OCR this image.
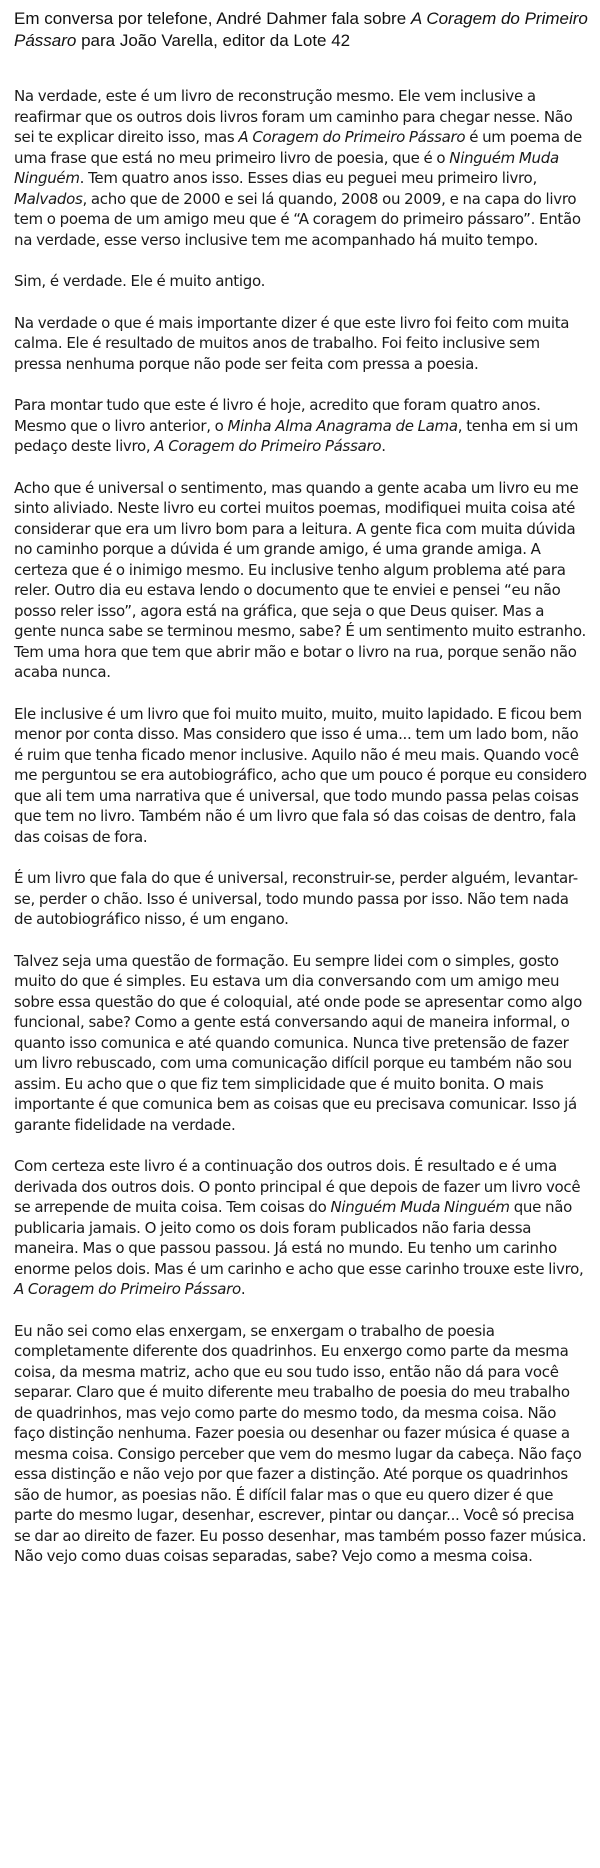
Em conversa por telefone, André Dahmer fala sobre A Coragem do Primeiro Pássaro para João Varella, editor da Lote 42

Na verdade, este é um livro de reconstrução mesmo. Ele vem inclusive a reafirmar que os outros dois livros foram um caminho para chegar nesse. Não sei te explicar direito isso, mas A Coragem do Primeiro Pássaro é um poema de uma frase que está no meu primeiro livro de poesia, que é o Ninguém Muda Ninguém. Tem quatro anos isso. Esses dias eu peguei meu primeiro livro, Malvados, acho que de 2000 e sei lá quando, 2008 ou 2009, e na capa do livro tem o poema de um amigo meu que é “A coragem do primeiro pássaro”. Então na verdade, esse verso inclusive tem me acompanhado há muito tempo.

Sim, é verdade. Ele é muito antigo.

Na verdade o que é mais importante dizer é que este livro foi feito com muita calma. Ele é resultado de muitos anos de trabalho. Foi feito inclusive sem pressa nenhuma porque não pode ser feita com pressa a poesia.

Para montar tudo que este é livro é hoje, acredito que foram quatro anos. Mesmo que o livro anterior, o Minha Alma Anagrama de Lama, tenha em si um pedaço deste livro, A Coragem do Primeiro Pássaro.

Acho que é universal o sentimento, mas quando a gente acaba um livro eu me sinto aliviado. Neste livro eu cortei muitos poemas, modifiquei muita coisa até considerar que era um livro bom para a leitura. A gente fica com muita dúvida no caminho porque a dúvida é um grande amigo, é uma grande amiga. A certeza que é o inimigo mesmo. Eu inclusive tenho algum problema até para reler. Outro dia eu estava lendo o documento que te enviei e pensei “eu não posso reler isso”, agora está na gráfica, que seja o que Deus quiser. Mas a gente nunca sabe se terminou mesmo, sabe? É um sentimento muito estranho. Tem uma hora que tem que abrir mão e botar o livro na rua, porque senão não acaba nunca.

Ele inclusive é um livro que foi muito muito, muito, muito lapidado. E ficou bem menor por conta disso. Mas considero que isso é uma... tem um lado bom, não é ruim que tenha ficado menor inclusive. Aquilo não é meu mais. Quando você me perguntou se era autobiográfico, acho que um pouco é porque eu considero que ali tem uma narrativa que é universal, que todo mundo passa pelas coisas que tem no livro. Também não é um livro que fala só das coisas de dentro, fala das coisas de fora.

É um livro que fala do que é universal, reconstruir-se, perder alguém, levantar-se, perder o chão. Isso é universal, todo mundo passa por isso. Não tem nada de autobiográfico nisso, é um engano.

Talvez seja uma questão de formação. Eu sempre lidei com o simples, gosto muito do que é simples. Eu estava um dia conversando com um amigo meu sobre essa questão do que é coloquial, até onde pode se apresentar como algo funcional, sabe? Como a gente está conversando aqui de maneira informal, o quanto isso comunica e até quando comunica. Nunca tive pretensão de fazer um livro rebuscado, com uma comunicação difícil porque eu também não sou assim. Eu acho que o que fiz tem simplicidade que é muito bonita. O mais importante é que comunica bem as coisas que eu precisava comunicar. Isso já garante fidelidade na verdade.

Com certeza este livro é a continuação dos outros dois. É resultado e é uma derivada dos outros dois. O ponto principal é que depois de fazer um livro você se arrepende de muita coisa. Tem coisas do Ninguém Muda Ninguém que não publicaria jamais. O jeito como os dois foram publicados não faria dessa maneira. Mas o que passou passou. Já está no mundo. Eu tenho um carinho enorme pelos dois. Mas é um carinho e acho que esse carinho trouxe este livro, A Coragem do Primeiro Pássaro.

Eu não sei como elas enxergam, se enxergam o trabalho de poesia completamente diferente dos quadrinhos. Eu enxergo como parte da mesma coisa, da mesma matriz, acho que eu sou tudo isso, então não dá para você separar. Claro que é muito diferente meu trabalho de poesia do meu trabalho de quadrinhos, mas vejo como parte do mesmo todo, da mesma coisa. Não faço distinção nenhuma. Fazer poesia ou desenhar ou fazer música é quase a mesma coisa. Consigo perceber que vem do mesmo lugar da cabeça. Não faço essa distinção e não vejo por que fazer a distinção. Até porque os quadrinhos são de humor, as poesias não. É difícil falar mas o que eu quero dizer é que parte do mesmo lugar, desenhar, escrever, pintar ou dançar... Você só precisa se dar ao direito de fazer. Eu posso desenhar, mas também posso fazer música. Não vejo como duas coisas separadas, sabe? Vejo como a mesma coisa.
